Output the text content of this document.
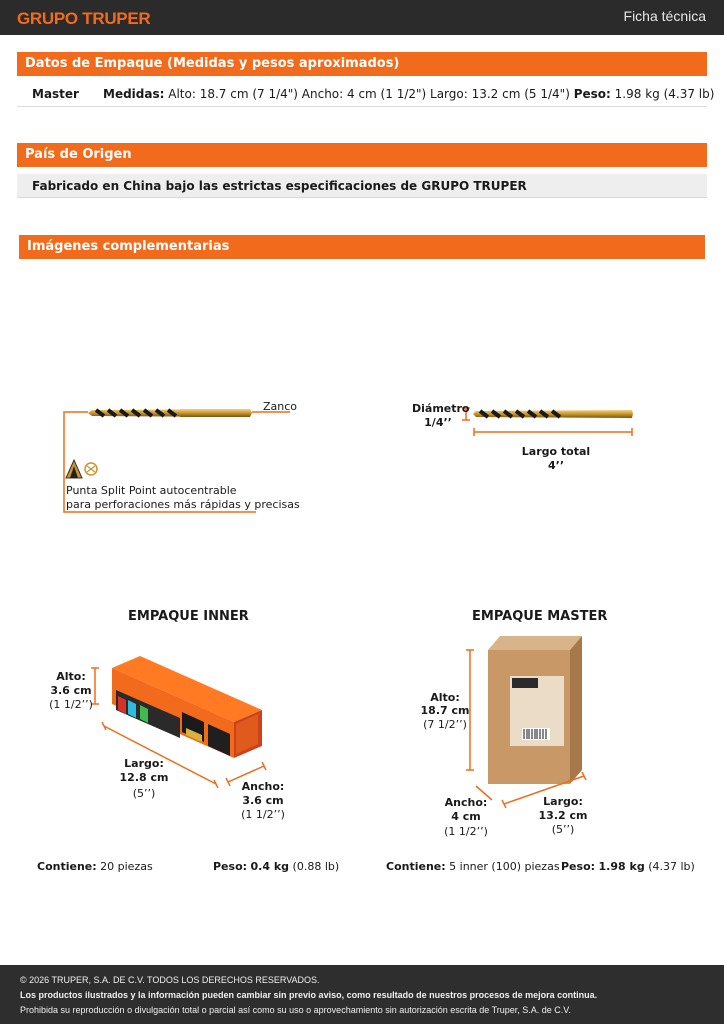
GRUPO TRUPER	Ficha técnica
Datos de Empaque (Medidas y pesos aproximados)
Master Medidas: Alto: 18.7 cm (7 1/4") Ancho: 4 cm (1 1/2") Largo: 13.2 cm (5 1/4") Peso: 1.98 kg (4.37 lb)
País de Origen
Fabricado en China bajo las estrictas especificaciones de GRUPO TRUPER
Imágenes complementarias
Zanco
Punta Split Point autocentrable
para perforaciones más rápidas y precisas
Diámetro
1/4’’
Largo total
4’’
EMPAQUE INNER
Alto:
3.6 cm
(1 1/2’’)
Largo:
12.8 cm
(5’’)
Ancho:
3.6 cm
(1 1/2’’)
Contiene: 20 piezas	Peso: 0.4 kg (0.88 lb)
EMPAQUE MASTER
Alto:
18.7 cm
(7 1/2’’)
Ancho:
4 cm
(1 1/2’’)
Largo:
13.2 cm
(5’’)
Contiene: 5 inner (100) piezas Peso: 1.98 kg (4.37 lb)
© 2026 TRUPER, S.A. DE C.V. TODOS LOS DERECHOS RESERVADOS.
Los productos ilustrados y la información pueden cambiar sin previo aviso, como resultado de nuestros procesos de mejora continua.
Prohibida su reproducción o divulgación total o parcial así como su uso o aprovechamiento sin autorización escrita de Truper, S.A. de C.V.
